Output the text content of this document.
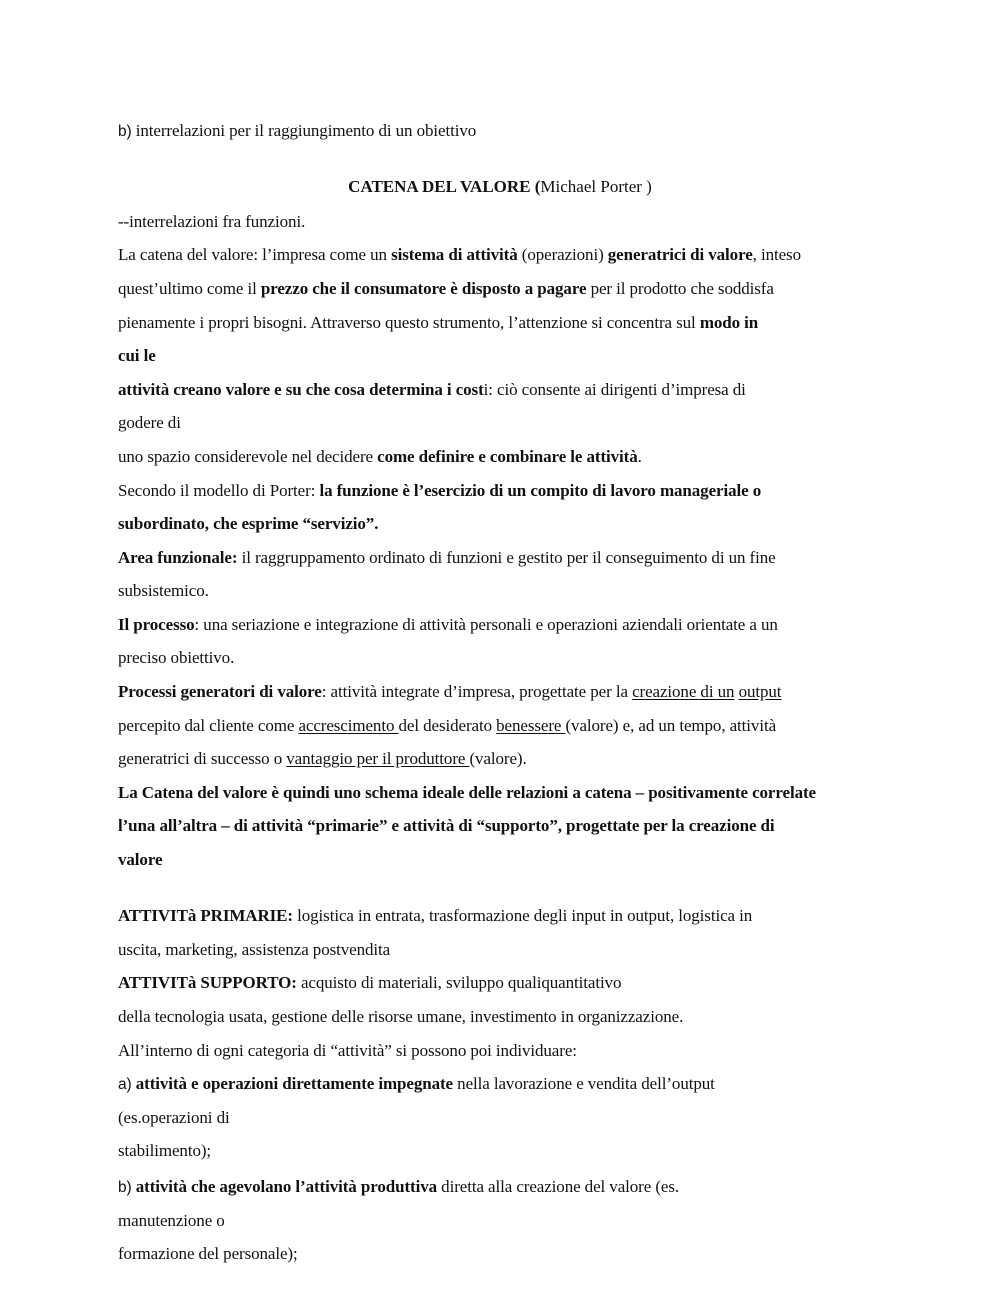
b) interrelazioni per il raggiungimento di un obiettivo
CATENA DEL VALORE (Michael Porter )
--interrelazioni fra funzioni.
La catena del valore: l’impresa come un sistema di attività (operazioni) generatrici di valore, inteso
quest’ultimo come il prezzo che il consumatore è disposto a pagare per il prodotto che soddisfa
pienamente i propri bisogni. Attraverso questo strumento, l’attenzione si concentra sul modo in
cui le
attività creano valore e su che cosa determina i costi: ciò consente ai dirigenti d’impresa di
godere di
uno spazio considerevole nel decidere come definire e combinare le attività.
Secondo il modello di Porter: la funzione è l’esercizio di un compito di lavoro manageriale o
subordinato, che esprime “servizio”.
Area funzionale: il raggruppamento ordinato di funzioni e gestito per il conseguimento di un fine
subsistemico.
Il processo: una seriazione e integrazione di attività personali e operazioni aziendali orientate a un
preciso obiettivo.
Processi generatori di valore: attività integrate d’impresa, progettate per la creazione di un output
percepito dal cliente come accrescimento del desiderato benessere (valore) e, ad un tempo, attività
generatrici di successo o vantaggio per il produttore (valore).
La Catena del valore è quindi uno schema ideale delle relazioni a catena – positivamente correlate
l’una all’altra – di attività “primarie” e attività di “supporto”, progettate per la creazione di
valore
ATTIVITà PRIMARIE: logistica in entrata, trasformazione degli input in output, logistica in
uscita, marketing, assistenza postvendita
ATTIVITà SUPPORTO: acquisto di materiali, sviluppo qualiquantitativo
della tecnologia usata, gestione delle risorse umane, investimento in organizzazione.
All’interno di ogni categoria di “attività” si possono poi individuare:
a) attività e operazioni direttamente impegnate nella lavorazione e vendita dell’output
(es.operazioni di
stabilimento);
b) attività che agevolano l’attività produttiva diretta alla creazione del valore (es.
manutenzione o
formazione del personale);
